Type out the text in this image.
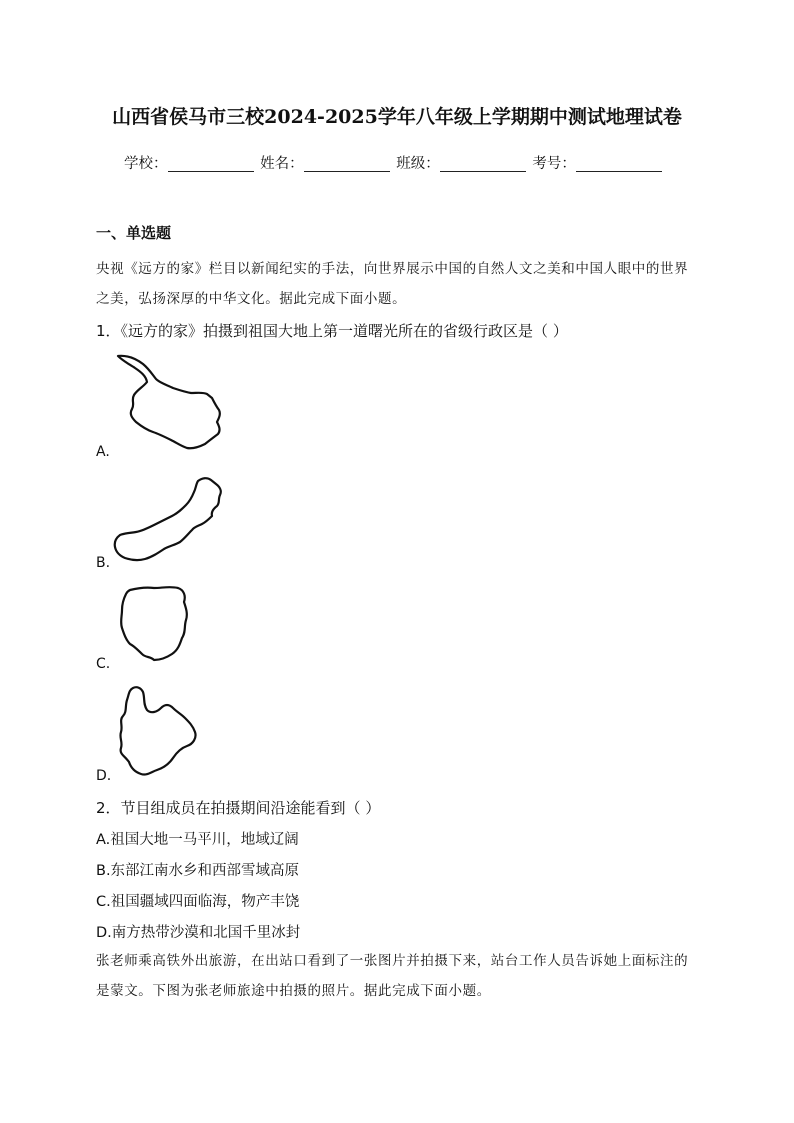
山西省侯马市三校2024-2025学年八年级上学期期中测试地理试卷
学校：	姓名：	班级：	考号：
一、单选题
央视《远方的家》栏目以新闻纪实的手法，向世界展示中国的自然人文之美和中国人眼中的世界之美，弘扬深厚的中华文化。据此完成下面小题。
1．《远方的家》拍摄到祖国大地上第一道曙光所在的省级行政区是（ ）
A.
B.
C.
D.
2．节目组成员在拍摄期间沿途能看到（ ）
A.祖国大地一马平川，地域辽阔
B.东部江南水乡和西部雪域高原
C.祖国疆域四面临海，物产丰饶
D.南方热带沙漠和北国千里冰封
张老师乘高铁外出旅游，在出站口看到了一张图片并拍摄下来，站台工作人员告诉她上面标注的是蒙文。下图为张老师旅途中拍摄的照片。据此完成下面小题。
